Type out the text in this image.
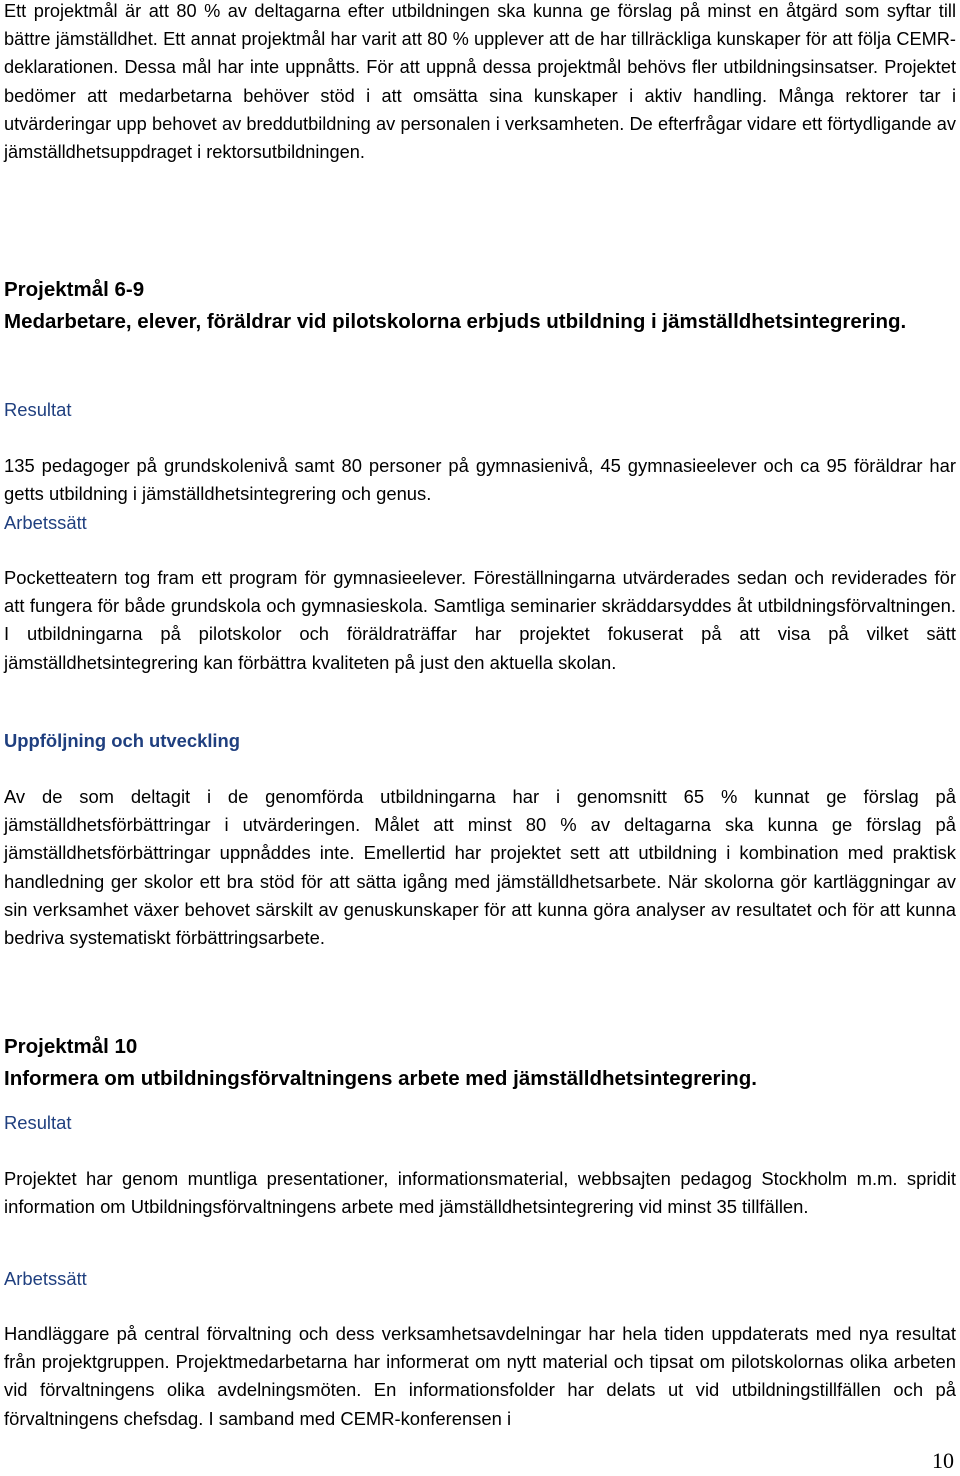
Ett projektmål är att 80 % av deltagarna efter utbildningen ska kunna ge förslag på minst en åtgärd som syftar till bättre jämställdhet. Ett annat projektmål har varit att 80 % upplever att de har tillräckliga kunskaper för att följa CEMR-deklarationen. Dessa mål har inte uppnåtts. För att uppnå dessa projektmål behövs fler utbildningsinsatser. Projektet bedömer att medarbetarna behöver stöd i att omsätta sina kunskaper i aktiv handling. Många rektorer tar i utvärderingar upp behovet av breddutbildning av personalen i verksamheten. De efterfrågar vidare ett förtydligande av jämställdhetsuppdraget i rektorsutbildningen.

Projektmål 6-9

Medarbetare, elever, föräldrar vid pilotskolorna erbjuds utbildning i jämställdhetsintegrering.

Resultat

135 pedagoger på grundskolenivå samt 80 personer på gymnasienivå, 45 gymnasieelever och ca 95 föräldrar har getts utbildning i jämställdhetsintegrering och genus.

Arbetssätt

Pocketteatern tog fram ett program för gymnasieelever. Föreställningarna utvärderades sedan och reviderades för att fungera för både grundskola och gymnasieskola. Samtliga seminarier skräddarsyddes åt utbildningsförvaltningen. I utbildningarna på pilotskolor och föräldraträffar har projektet fokuserat på att visa på vilket sätt jämställdhetsintegrering kan förbättra kvaliteten på just den aktuella skolan.

Uppföljning och utveckling

Av de som deltagit i de genomförda utbildningarna har i genomsnitt 65 % kunnat ge förslag på jämställdhetsförbättringar i utvärderingen. Målet att minst 80 % av deltagarna ska kunna ge förslag på jämställdhetsförbättringar uppnåddes inte. Emellertid har projektet sett att utbildning i kombination med praktisk handledning ger skolor ett bra stöd för att sätta igång med jämställdhetsarbete. När skolorna gör kartläggningar av sin verksamhet växer behovet särskilt av genuskunskaper för att kunna göra analyser av resultatet och för att kunna bedriva systematiskt förbättringsarbete.

Projektmål 10

Informera om utbildningsförvaltningens arbete med jämställdhetsintegrering.

Resultat

Projektet har genom muntliga presentationer, informationsmaterial, webbsajten pedagog Stockholm m.m. spridit information om Utbildningsförvaltningens arbete med jämställdhetsintegrering vid minst 35 tillfällen.

Arbetssätt

Handläggare på central förvaltning och dess verksamhetsavdelningar har hela tiden uppdaterats med nya resultat från projektgruppen. Projektmedarbetarna har informerat om nytt material och tipsat om pilotskolornas olika arbeten vid förvaltningens olika avdelningsmöten. En informationsfolder har delats ut vid utbildningstillfällen och på förvaltningens chefsdag. I samband med CEMR-konferensen i

10
